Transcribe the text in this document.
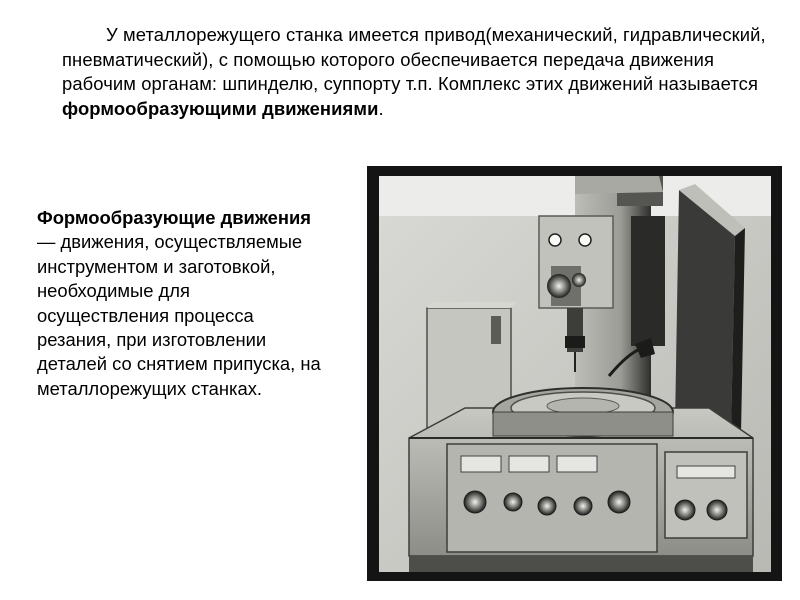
У металлорежущего станка имеется привод(механический, гидравлический, пневматический), с помощью которого обеспечивается передача движения рабочим органам: шпинделю, суппорту т.п. Комплекс этих движений называется формообразующими движениями.
Формообразующие движения — движения, осуществляемые инструментом и заготовкой, необходимые для осуществления процесса резания, при изготовлении деталей со снятием припуска, на металлорежущих станках.
